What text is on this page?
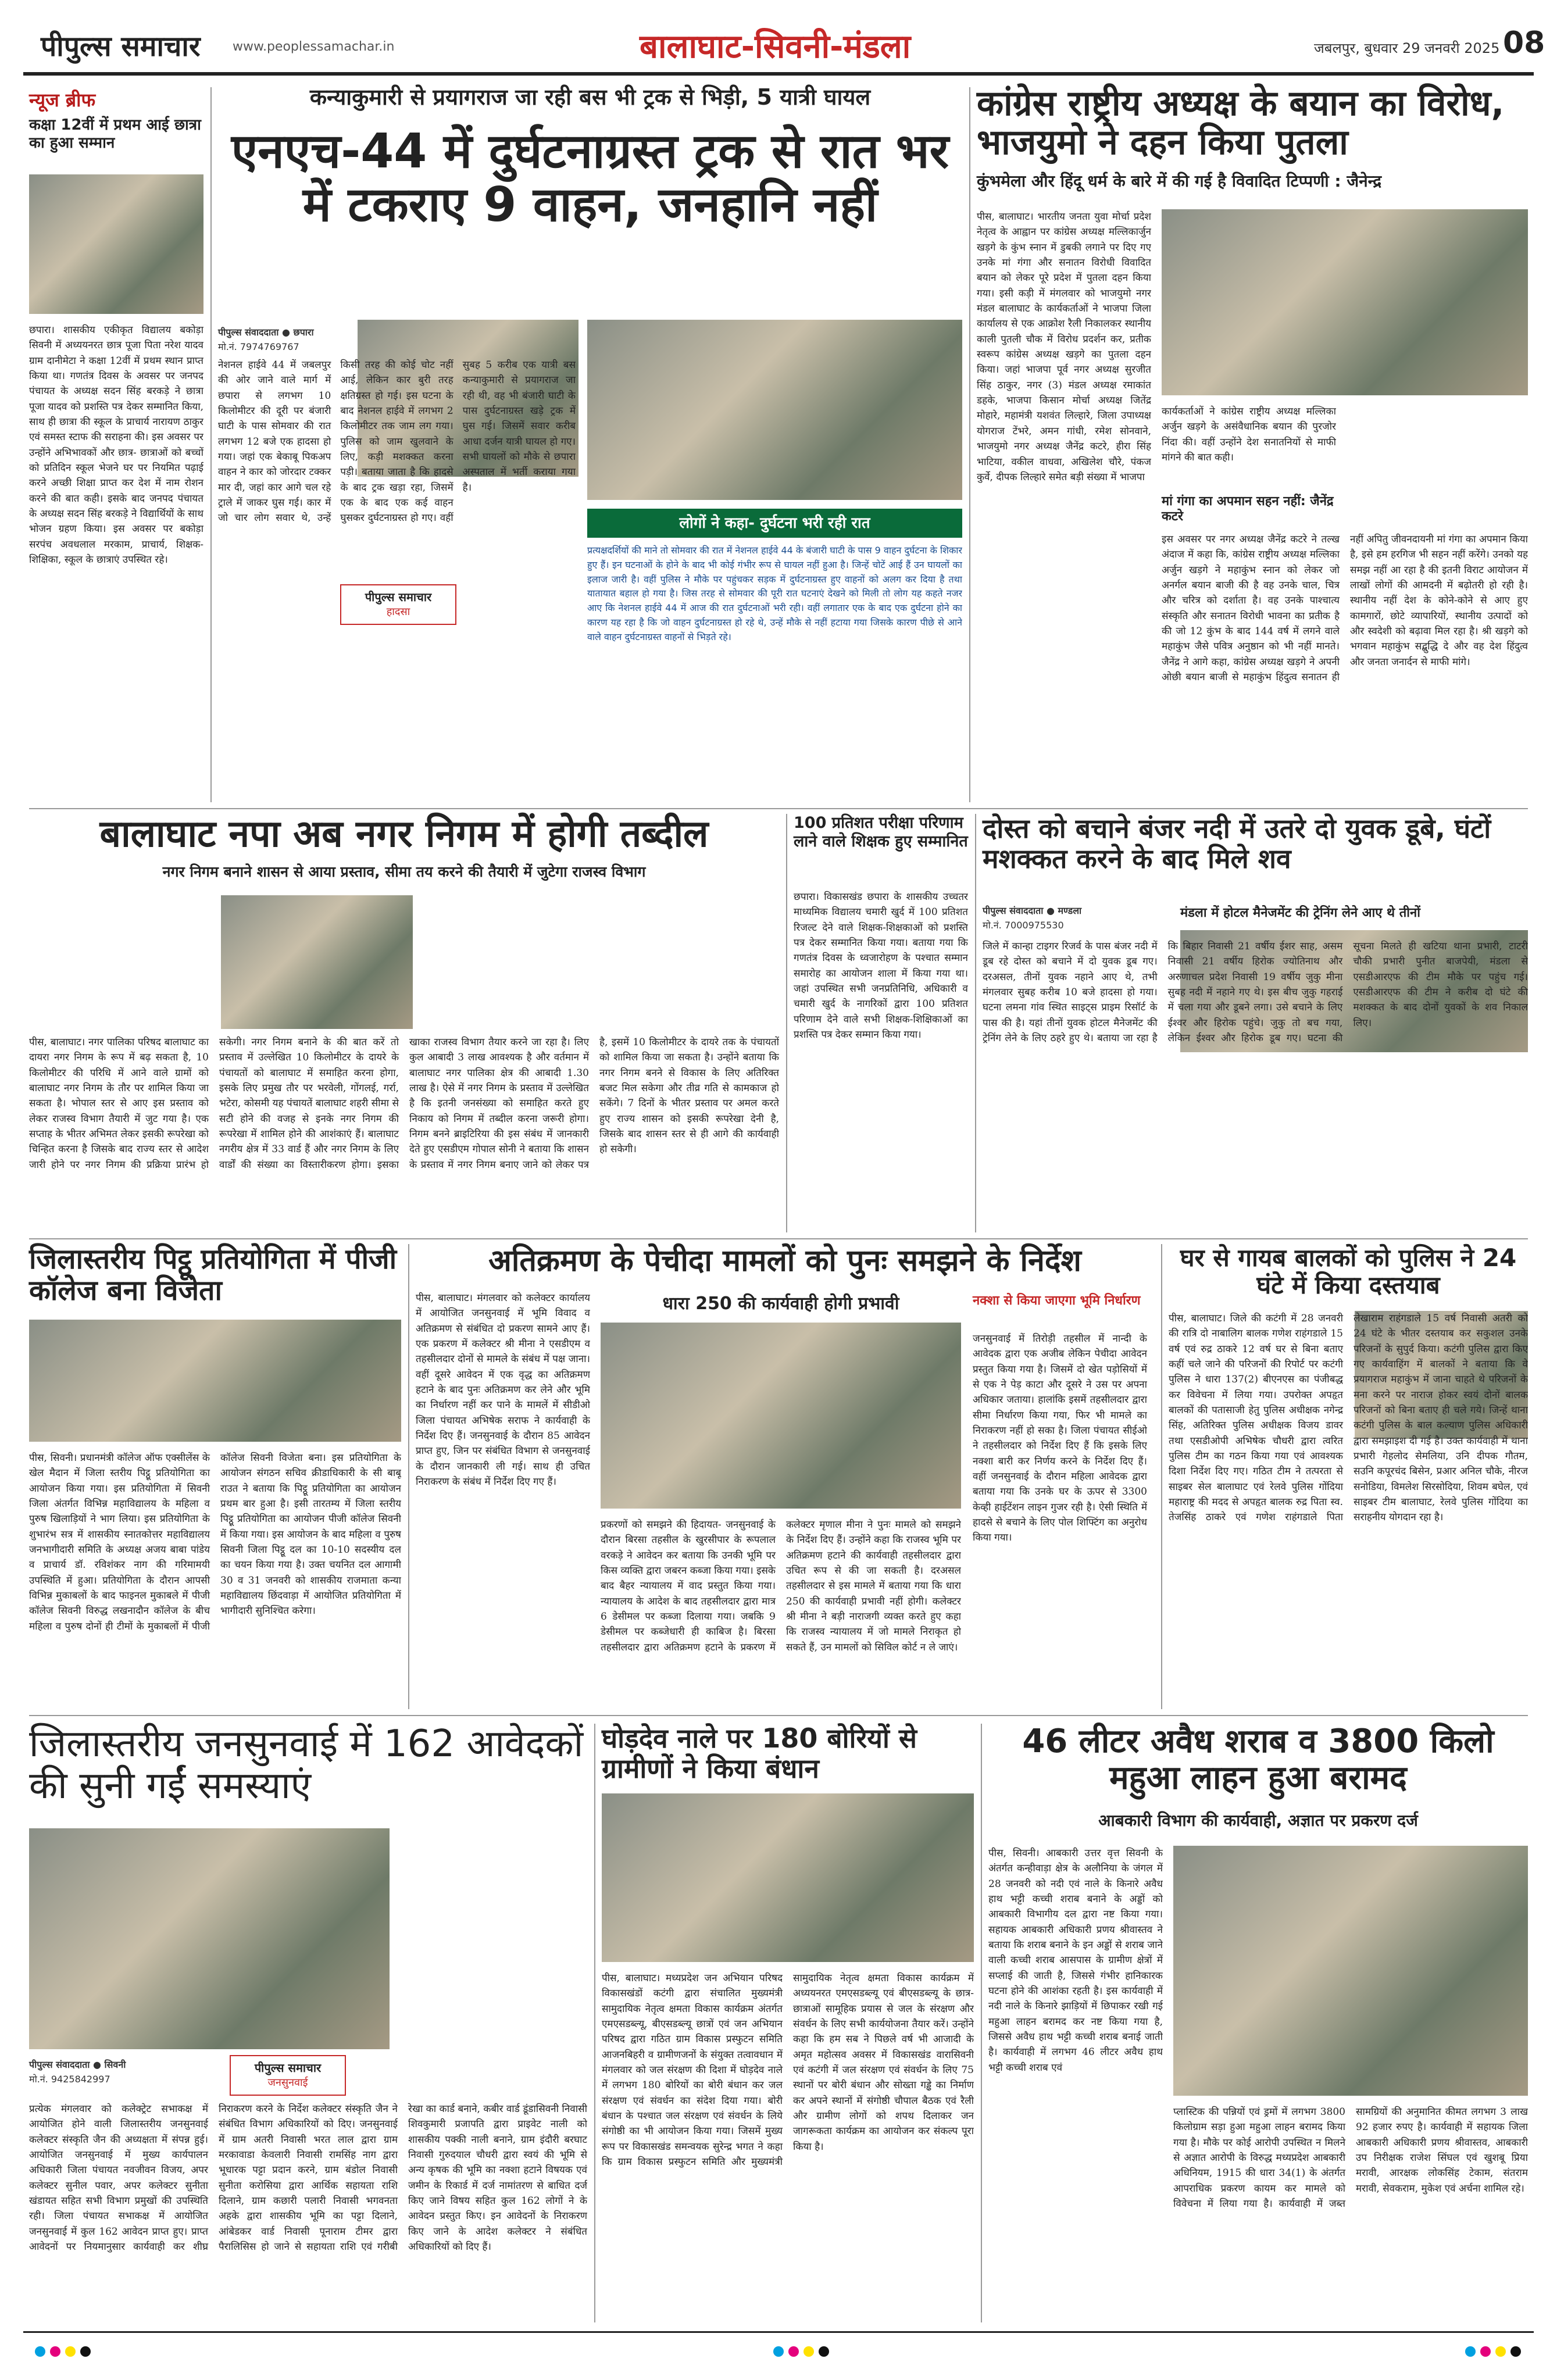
पीपुल्स समाचार	www.peoplessamachar.in	बालाघाट-सिवनी-मंडला	जबलपुर, बुधवार 29 जनवरी 2025 08
न्यूज ब्रीफ
कक्षा 12वीं में प्रथम आई छात्रा का हुआ सम्मान
छपारा। शासकीय एकीकृत विद्यालय बकोड़ा सिवनी में अध्ययनरत छात्र पूजा पिता नरेश यादव ग्राम दानीमेटा ने कक्षा 12वीं में प्रथम स्थान प्राप्त किया था। गणतंत्र दिवस के अवसर पर जनपद पंचायत के अध्यक्ष सदन सिंह बरकड़े ने छात्रा पूजा यादव को प्रशस्ति पत्र देकर सम्मानित किया, साथ ही छात्रा की स्कूल के प्राचार्य नारायण ठाकुर एवं समस्त स्टाफ की सराहना की। इस अवसर पर उन्होंने अभिभावकों और छात्र- छात्राओं को बच्चों को प्रतिदिन स्कूल भेजने घर पर नियमित पढ़ाई करने अच्छी शिक्षा प्राप्त कर देश में नाम रोशन करने की बात कही। इसके बाद जनपद पंचायत के अध्यक्ष सदन सिंह बरकड़े ने विद्यार्थियों के साथ भोजन ग्रहण किया। इस अवसर पर बकोड़ा सरपंच अवधलाल मरकाम, प्राचार्य, शिक्षक-शिक्षिका, स्कूल के छात्राएं उपस्थित रहे।
कन्याकुमारी से प्रयागराज जा रही बस भी ट्रक से भिड़ी, 5 यात्री घायल
एनएच-44 में दुर्घटनाग्रस्त ट्रक से रात भर में टकराए 9 वाहन, जनहानि नहीं
पीपुल्स संवाददाता ● छपारा
मो.नं. 7974769767
नेशनल हाईवे 44 में जबलपुर की ओर जाने वाले मार्ग में छपारा से लगभग 10 किलोमीटर की दूरी पर बंजारी घाटी के पास सोमवार की रात लगभग 12 बजे एक हादसा हो गया। जहां एक बेकाबू पिकअप वाहन ने कार को जोरदार टक्कर मार दी, जहां कार आगे चल रहे ट्राले में जाकर घुस गई। कार में जो चार लोग सवार थे, उन्हें किसी तरह की कोई चोट नहीं आई, लेकिन कार बुरी तरह क्षतिग्रस्त हो गई। इस घटना के बाद नेशनल हाईवे में लगभग 2 किलोमीटर तक जाम लग गया। पुलिस को जाम खुलवाने के लिए, कड़ी मशक्कत करना पड़ी। बताया जाता है कि हादसे के बाद ट्रक खड़ा रहा, जिसमें एक के बाद एक कई वाहन घुसकर दुर्घटनाग्रस्त हो गए। वहीं सुबह 5 करीब एक यात्री बस कन्याकुमारी से प्रयागराज जा रही थी, वह भी बंजारी घाटी के पास दुर्घटनाग्रस्त खड़े ट्रक में घुस गई। जिसमें सवार करीब आधा दर्जन यात्री घायल हो गए। सभी घायलों को मौके से छपारा अस्पताल में भर्ती कराया गया है।
पीपुल्स समाचार
हादसा
लोगों ने कहा- दुर्घटना भरी रही रात
प्रत्यक्षदर्शियों की माने तो सोमवार की रात में नेशनल हाईवे 44 के बंजारी घाटी के पास 9 वाहन दुर्घटना के शिकार हुए हैं। इन घटनाओं के होने के बाद भी कोई गंभीर रूप से घायल नहीं हुआ है। जिन्हें चोटें आई हैं उन घायलों का इलाज जारी है। वहीं पुलिस ने मौके पर पहुंचकर सड़क में दुर्घटनाग्रस्त हुए वाहनों को अलग कर दिया है तथा यातायात बहाल हो गया है। जिस तरह से सोमवार की पूरी रात घटनाएं देखने को मिली तो लोग यह कहते नजर आए कि नेशनल हाईवे 44 में आज की रात दुर्घटनाओं भरी रही। वहीं लगातार एक के बाद एक दुर्घटना होने का कारण यह रहा है कि जो वाहन दुर्घटनाग्रस्त हो रहे थे, उन्हें मौके से नहीं हटाया गया जिसके कारण पीछे से आने वाले वाहन दुर्घटनाग्रस्त वाहनों से भिड़ते रहे।
कांग्रेस राष्ट्रीय अध्यक्ष के बयान का विरोध, भाजयुमो ने दहन किया पुतला
कुंभमेला और हिंदू धर्म के बारे में की गई है विवादित टिप्पणी : जैनेन्द्र
पीस, बालाघाट। भारतीय जनता युवा मोर्चा प्रदेश नेतृत्व के आह्वान पर कांग्रेस अध्यक्ष मल्लिकार्जुन खड़गे के कुंभ स्नान में डुबकी लगाने पर दिए गए उनके मां गंगा और सनातन विरोधी विवादित बयान को लेकर पूरे प्रदेश में पुतला दहन किया गया। इसी कड़ी में मंगलवार को भाजयुमो नगर मंडल बालाघाट के कार्यकर्ताओं ने भाजपा जिला कार्यालय से एक आक्रोश रैली निकालकर स्थानीय काली पुतली चौक में विरोध प्रदर्शन कर, प्रतीक स्वरूप कांग्रेस अध्यक्ष खड़गे का पुतला दहन किया। जहां भाजपा पूर्व नगर अध्यक्ष सुरजीत सिंह ठाकुर, नगर (3) मंडल अध्यक्ष रमाकांत डहके, भाजपा किसान मोर्चा अध्यक्ष जितेंद्र मोहारे, महामंत्री यशवंत लिल्हारे, जिला उपाध्यक्ष योगराज टेंभरे, अमन गांधी, रमेश सोनवाने, भाजयुमो नगर अध्यक्ष जैनेंद्र कटरे, हीरा सिंह भाटिया, वकील वाधवा, अखिलेश चौरे, पंकज कुर्वे, दीपक लिल्हारे समेत बड़ी संख्या में भाजपा
कार्यकर्ताओं ने कांग्रेस राष्ट्रीय अध्यक्ष मल्लिका अर्जुन खड़गे के असंवैधानिक बयान की पुरजोर निंदा की। वहीं उन्होंने देश सनातनियों से माफी मांगने की बात कही।
मां गंगा का अपमान सहन नहीं: जैनेंद्र कटरे
इस अवसर पर नगर अध्यक्ष जैनेंद्र कटरे ने तल्ख अंदाज में कहा कि, कांग्रेस राष्ट्रीय अध्यक्ष मल्लिका अर्जुन खड़गे ने महाकुंभ स्नान को लेकर जो अनर्गल बयान बाजी की है वह उनके चाल, चित्र और चरित्र को दर्शाता है। वह उनके पाश्चात्य संस्कृति और सनातन विरोधी भावना का प्रतीक है की जो 12 कुंभ के बाद 144 वर्ष में लगने वाले महाकुंभ जैसे पवित्र अनुष्ठान को भी नहीं मानते। जैनेंद्र ने आगे कहा, कांग्रेस अध्यक्ष खड़गे ने अपनी ओछी बयान बाजी से महाकुंभ हिंदुत्व सनातन ही नहीं अपितु जीवनदायनी मां गंगा का अपमान किया है, इसे हम हरगिज भी सहन नहीं करेंगे। उनको यह समझ नहीं आ रहा है की इतनी विराट आयोजन में लाखों लोगों की आमदनी में बढ़ोतरी हो रही है। स्थानीय नहीं देश के कोने-कोने से आए हुए कामगारों, छोटे व्यापारियों, स्थानीय उत्पादों को और स्वदेशी को बढ़ावा मिल रहा है। श्री खड़गे को भगवान महाकुंभ सद्बुद्धि दे और वह देश हिंदुत्व और जनता जनार्दन से माफी मांगे।
बालाघाट नपा अब नगर निगम में होगी तब्दील
नगर निगम बनाने शासन से आया प्रस्ताव, सीमा तय करने की तैयारी में जुटेगा राजस्व विभाग
पीस, बालाघाट। नगर पालिका परिषद बालाघाट का दायरा नगर निगम के रूप में बढ़ सकता है, 10 किलोमीटर की परिधि में आने वाले ग्रामों को बालाघाट नगर निगम के तौर पर शामिल किया जा सकता है। भोपाल स्तर से आए इस प्रस्ताव को लेकर राजस्व विभाग तैयारी में जुट गया है। एक सप्ताह के भीतर अभिमत लेकर इसकी रूपरेखा को चिन्हित करना है जिसके बाद राज्य स्तर से आदेश जारी होने पर नगर निगम की प्रक्रिया प्रारंभ हो सकेगी। नगर निगम बनाने के की बात करें तो प्रस्ताव में उल्लेखित 10 किलोमीटर के दायरे के पंचायतों को बालाघाट में समाहित करना होगा, इसके लिए प्रमुख तौर पर भरवेली, गोंगलई, गर्रा, भटेरा, कोसमी यह पंचायतें बालाघाट शहरी सीमा से सटी होने की वजह से इनके नगर निगम की रूपरेखा में शामिल होने की आशंकाएं हैं। बालाघाट नगरीय क्षेत्र में 33 वार्ड हैं और नगर निगम के लिए वार्डों की संख्या का विस्तारीकरण होगा। इसका खाका राजस्व विभाग तैयार करने जा रहा है। लिए कुल आबादी 3 लाख आवश्यक है और वर्तमान में बालाघाट नगर पालिका क्षेत्र की आबादी 1.30 लाख है। ऐसे में नगर निगम के प्रस्ताव में उल्लेखित है कि इतनी जनसंख्या को समाहित करते हुए निकाय को निगम में तब्दील करना जरूरी होगा। निगम बनने ब्राइटिरिया की इस संबंध में जानकारी देते हुए एसडीएम गोपाल सोनी ने बताया कि शासन के प्रस्ताव में नगर निगम बनाए जाने को लेकर पत्र है, इसमें 10 किलोमीटर के दायरे तक के पंचायतों को शामिल किया जा सकता है। उन्होंने बताया कि नगर निगम बनने से विकास के लिए अतिरिक्त बजट मिल सकेगा और तीव्र गति से कामकाज हो सकेंगे। 7 दिनों के भीतर प्रस्ताव पर अमल करते हुए राज्य शासन को इसकी रूपरेखा देनी है, जिसके बाद शासन स्तर से ही आगे की कार्यवाही हो सकेगी।
100 प्रतिशत परीक्षा परिणाम लाने वाले शिक्षक हुए सम्मानित
छपारा। विकासखंड छपारा के शासकीय उच्चतर माध्यमिक विद्यालय चमारी खुर्द में 100 प्रतिशत रिजल्ट देने वाले शिक्षक-शिक्षकाओं को प्रशस्ति पत्र देकर सम्मानित किया गया। बताया गया कि गणतंत्र दिवस के ध्वजारोहण के पश्चात सम्मान समारोह का आयोजन शाला में किया गया था। जहां उपस्थित सभी जनप्रतिनिधि, अधिकारी व चमारी खुर्द के नागरिकों द्वारा 100 प्रतिशत परिणाम देने वाले सभी शिक्षक-शिक्षिकाओं का प्रशस्ति पत्र देकर सम्मान किया गया।
दोस्त को बचाने बंजर नदी में उतरे दो युवक डूबे, घंटों मशक्कत करने के बाद मिले शव
पीपुल्स संवाददाता ● मण्डला
मो.नं. 7000975530
मंडला में होटल मैनेजमेंट की ट्रेनिंग लेने आए थे तीनों
जिले में कान्हा टाइगर रिजर्व के पास बंजर नदी में डूब रहे दोस्त को बचाने में दो युवक डूब गए। दरअसल, तीनों युवक नहाने आए थे, तभी मंगलवार सुबह करीब 10 बजे हादसा हो गया। घटना लमना गांव स्थित साइट्स प्राइम रिसॉर्ट के पास की है। यहां तीनों युवक होटल मैनेजमेंट की ट्रेनिंग लेने के लिए ठहरे हुए थे। बताया जा रहा है कि बिहार निवासी 21 वर्षीय ईशर साह, असम निवासी 21 वर्षीय हिरोक ज्योतिनाथ और अरुणाचल प्रदेश निवासी 19 वर्षीय जुकु मीना सुबह नदी में नहाने गए थे। इस बीच जुकु गहराई में चला गया और डूबने लगा। उसे बचाने के लिए ईश्वर और हिरोक पहुंचे। जुकु तो बच गया, लेकिन ईश्वर और हिरोक डूब गए। घटना की सूचना मिलते ही खटिया थाना प्रभारी, टाटरी चौकी प्रभारी पुनीत बाजपेयी, मंडला से एसडीआरएफ की टीम मौके पर पहुंच गई। एसडीआरएफ की टीम ने करीब दो घंटे की मशक्कत के बाद दोनों युवकों के शव निकाल लिए।
जिलास्तरीय पिट्ठू प्रतियोगिता में पीजी कॉलेज बना विजेता
पीस, सिवनी। प्रधानमंत्री कॉलेज ऑफ एक्सीलेंस के खेल मैदान में जिला स्तरीय पिट्ठू प्रतियोगिता का आयोजन किया गया। इस प्रतियोगिता में सिवनी जिला अंतर्गत विभिन्न महाविद्यालय के महिला व पुरुष खिलाड़ियों ने भाग लिया। इस प्रतियोगिता के शुभारंभ सत्र में शासकीय स्नातकोत्तर महाविद्यालय जनभागीदारी समिति के अध्यक्ष अजय बाबा पांडेय व प्राचार्य डॉ. रविशंकर नाग की गरिमामयी उपस्थिति में हुआ। प्रतियोगिता के दौरान आपसी विभिन्न मुकाबलों के बाद फाइनल मुकाबले में पीजी कॉलेज सिवनी विरुद्ध लखनादौन कॉलेज के बीच महिला व पुरुष दोनों ही टीमों के मुकाबलों में पीजी कॉलेज सिवनी विजेता बना। इस प्रतियोगिता के आयोजन संगठन सचिव क्रीडाधिकारी के सी बाबू राउत ने बताया कि पिट्ठू प्रतियोगिता का आयोजन प्रथम बार हुआ है। इसी तारतम्य में जिला स्तरीय पिट्ठू प्रतियोगिता का आयोजन पीजी कॉलेज सिवनी में किया गया। इस आयोजन के बाद महिला व पुरुष सिवनी जिला पिट्ठू दल का 10-10 सदस्यीय दल का चयन किया गया है। उक्त चयनित दल आगामी 30 व 31 जनवरी को शासकीय राजमाता कन्या महाविद्यालय छिंदवाड़ा में आयोजित प्रतियोगिता में भागीदारी सुनिश्चित करेगा।
अतिक्रमण के पेचीदा मामलों को पुनः समझने के निर्देश
पीस, बालाघाट। मंगलवार को कलेक्टर कार्यालय में आयोजित जनसुनवाई में भूमि विवाद व अतिक्रमण से संबंधित दो प्रकरण सामने आए हैं। एक प्रकरण में कलेक्टर श्री मीना ने एसडीएम व तहसीलदार दोनों से मामले के संबंध में पक्ष जाना। वहीं दूसरे आवेदन में एक वृद्ध का अतिक्रमण हटाने के बाद पुनः अतिक्रमण कर लेने और भूमि का निर्धारण नहीं कर पाने के मामलें में सीडीओ जिला पंचायत अभिषेक सराफ ने कार्यवाही के निर्देश दिए हैं। जनसुनवाई के दौरान 85 आवेदन प्राप्त हुए, जिन पर संबंधित विभाग से जनसुनवाई के दौरान जानकारी ली गई। साथ ही उचित निराकरण के संबंध में निर्देश दिए गए हैं।
धारा 250 की कार्यवाही होगी प्रभावी
प्रकरणों को समझने की हिदायत- जनसुनवाई के दौरान बिरसा तहसील के खुरसीपार के रूपलाल वरकड़े ने आवेदन कर बताया कि उनकी भूमि पर किस व्यक्ति द्वारा जबरन कब्जा किया गया। इसके बाद बैहर न्यायालय में वाद प्रस्तुत किया गया। न्यायालय के आदेश के बाद तहसीलदार द्वारा मात्र 6 डेसीमल पर कब्जा दिलाया गया। जबकि 9 डेसीमल पर कब्जेधारी ही काबिज है। बिरसा तहसीलदार द्वारा अतिक्रमण हटाने के प्रकरण में कलेक्टर मृणाल मीना ने पुनः मामले को समझने के निर्देश दिए हैं। उन्होंने कहा कि राजस्व भूमि पर अतिक्रमण हटाने की कार्यवाही तहसीलदार द्वारा उचित रूप से की जा सकती है। दरअसल तहसीलदार से इस मामले में बताया गया कि धारा 250 की कार्यवाही प्रभावी नहीं होगी। कलेक्टर श्री मीना ने बड़ी नाराजगी व्यक्त करते हुए कहा कि राजस्व न्यायालय में जो मामले निराकृत हो सकते हैं, उन मामलों को सिविल कोर्ट न ले जाएं।
नक्शा से किया जाएगा भूमि निर्धारण
जनसुनवाई में तिरोड़ी तहसील में नान्दी के आवेदक द्वारा एक अजीब लेकिन पेचीदा आवेदन प्रस्तुत किया गया है। जिसमें दो खेत पड़ोसियों में से एक ने पेड़ काटा और दूसरे ने उस पर अपना अधिकार जताया। हालांकि इसमें तहसीलदार द्वारा सीमा निर्धारण किया गया, फिर भी मामले का निराकरण नहीं हो सका है। जिला पंचायत सीईओ ने तहसीलदार को निर्देश दिए हैं कि इसके लिए नक्शा बारी कर निर्णय करने के निर्देश दिए हैं। वहीं जनसुनवाई के दौरान महिला आवेदक द्वारा बताया गया कि उनके घर के ऊपर से 3300 केव्ही हाईटेंशन लाइन गुजर रही है। ऐसी स्थिति में हादसे से बचाने के लिए पोल शिफ्टिंग का अनुरोध किया गया।
घर से गायब बालकों को पुलिस ने 24 घंटे में किया दस्तयाब
पीस, बालाघाट। जिले की कटंगी में 28 जनवरी की रात्रि दो नाबालिग बालक गणेश राहंगडाले 15 वर्ष एवं रुद्र ठाकरे 12 वर्ष घर से बिना बताए कहीं चले जाने की परिजनों की रिपोर्ट पर कटंगी पुलिस ने धारा 137(2) बीएनएस का पंजीबद्ध कर विवेचना में लिया गया। उपरोक्त अपहृत बालकों की पतासाजी हेतु पुलिस अधीक्षक नगेन्द्र सिंह, अतिरिक्त पुलिस अधीक्षक विजय डावर तथा एसडीओपी अभिषेक चौधरी द्वारा त्वरित पुलिस टीम का गठन किया गया एवं आवश्यक दिशा निर्देश दिए गए। गठित टीम ने तत्परता से साइबर सेल बालाघाट एवं रेलवे पुलिस गोंदिया महाराष्ट्र की मदद से अपहृत बालक रुद्र पिता स्व. तेजसिंह ठाकरे एवं गणेश राहंगडाले पिता लेखाराम राहंगडाले 15 वर्ष निवासी अतरी को 24 घंटे के भीतर दस्तयाब कर सकुशल उनके परिजनों के सुपुर्द किया। कटंगी पुलिस द्वारा किए गए कार्यवाहिंग में बालकों ने बताया कि वे प्रयागराज महाकुंभ में जाना चाहते थे परिजनों के मना करने पर नाराज होकर स्वयं दोनों बालक परिजनों को बिना बताए ही चले गये। जिन्हें थाना कटंगी पुलिस के बाल कल्याण पुलिस अधिकारी द्वारा समझाइश दी गई है। उक्त कार्यवाही में थाना प्रभारी गेहलोद सेमलिया, उनि दीपक गौतम, सउनि कपूरचंद बिसेन, प्रआर अनिल चौके, नीरज सनोडिया, विमलेश सिरसोदिया, शिवम बघेल, एवं साइबर टीम बालाघाट, रेलवे पुलिस गोंदिया का सराहनीय योगदान रहा है।
जिलास्तरीय जनसुनवाई में 162 आवेदकों की सुनी गईं समस्याएं
पीपुल्स संवाददाता ● सिवनी
मो.नं. 9425842997
पीपुल्स समाचार
जनसुनवाई
प्रत्येक मंगलवार को कलेक्ट्रेट सभाकक्ष में आयोजित होने वाली जिलास्तरीय जनसुनवाई कलेक्टर संस्कृति जैन की अध्यक्षता में संपन्न हुई। आयोजित जनसुनवाई में मुख्य कार्यपालन अधिकारी जिला पंचायत नवजीवन विजय, अपर कलेक्टर सुनील पवार, अपर कलेक्टर सुनीता खंडायत सहित सभी विभाग प्रमुखों की उपस्थिति रही। जिला पंचायत सभाकक्ष में आयोजित जनसुनवाई में कुल 162 आवेदन प्राप्त हुए। प्राप्त आवेदनों पर नियमानुसार कार्यवाही कर शीघ्र निराकरण करने के निर्देश कलेक्टर संस्कृति जैन ने संबंधित विभाग अधिकारियों को दिए। जनसुनवाई में ग्राम अतरी निवासी भरत लाल द्वारा ग्राम मरकावाडा केवलारी निवासी रामसिंह नाग द्वारा भूधारक पट्टा प्रदान करने, ग्राम बंडोल निवासी सुनीता करोसिया द्वारा आर्थिक सहायता राशि दिलाने, ग्राम कछारी पलारी निवासी भगवनता अहके द्वारा शासकीय भूमि का पट्टा दिलाने, आंबेडकर वार्ड निवासी पूनाराम टीमर द्वारा पैरालिसिस हो जाने से सहायता राशि एवं गरीबी रेखा का कार्ड बनाने, कबीर वार्ड डूंडासिवनी निवासी शिवकुमारी प्रजापति द्वारा प्राइवेट नाली को शासकीय पक्की नाली बनाने, ग्राम इंदौरी बरघाट निवासी गुरुदयाल चौधरी द्वारा स्वयं की भूमि से अन्य कृषक की भूमि का नक्शा हटाने विषयक एवं जमीन के रिकार्ड में दर्ज नामांतरण से बाधित दर्ज किए जाने विषय सहित कुल 162 लोगों ने के आवेदन प्रस्तुत किए। इन आवेदनों के निराकरण किए जाने के आदेश कलेक्टर ने संबंधित अधिकारियों को दिए हैं।
घोड़देव नाले पर 180 बोरियों से ग्रामीणों ने किया बंधान
पीस, बालाघाट। मध्यप्रदेश जन अभियान परिषद विकासखंडों कटंगी द्वारा संचालित मुख्यमंत्री सामुदायिक नेतृत्व क्षमता विकास कार्यक्रम अंतर्गत एमएसडब्ल्यू, बीएसडब्ल्यू छात्रों एवं जन अभियान परिषद द्वारा गठित ग्राम विकास प्रस्फुटन समिति आजनबिहरी व ग्रामीणजनों के संयुक्त तत्वावधान में मंगलवार को जल संरक्षण की दिशा में घोड़देव नाले में लगभग 180 बोरियों का बोरी बंधान कर जल संरक्षण एवं संवर्धन का संदेश दिया गया। बोरी बंधान के पश्चात जल संरक्षण एवं संवर्धन के लिये संगोष्ठी का भी आयोजन किया गया। जिसमें मुख्य रूप पर विकासखंड समन्वयक सुरेन्द्र भगत ने कहा कि ग्राम विकास प्रस्फुटन समिति और मुख्यमंत्री सामुदायिक नेतृत्व क्षमता विकास कार्यक्रम में अध्ययनरत एमएसडब्ल्यू एवं बीएसडब्ल्यू के छात्र-छात्राओं सामूहिक प्रयास से जल के संरक्षण और संवर्धन के लिए सभी कार्ययोजना तैयार करें। उन्होंने कहा कि हम सब ने पिछले वर्ष भी आजादी के अमृत महोत्सव अवसर में विकासखंड वारासिवनी एवं कटंगी में जल संरक्षण एवं संवर्धन के लिए 75 स्थानों पर बोरी बंधान और सोख्ता गड्ढे का निर्माण कर अपने स्थानों में संगोष्ठी चौपाल बैठक एवं रैली और ग्रामीण लोगों को शपथ दिलाकर जन जागरूकता कार्यक्रम का आयोजन कर संकल्प पूरा किया है।
46 लीटर अवैध शराब व 3800 किलो महुआ लाहन हुआ बरामद
आबकारी विभाग की कार्यवाही, अज्ञात पर प्रकरण दर्ज
पीस, सिवनी। आबकारी उत्तर वृत्त सिवनी के अंतर्गत कन्हीवाड़ा क्षेत्र के अलौनिया के जंगल में 28 जनवरी को नदी एवं नाले के किनारे अवैध हाथ भट्टी कच्ची शराब बनाने के अड्डों को आबकारी विभागीय दल द्वारा नष्ट किया गया। सहायक आबकारी अधिकारी प्रणय श्रीवास्तव ने बताया कि शराब बनाने के इन अड्डों से शराब जाने वाली कच्ची शराब आसपास के ग्रामीण क्षेत्रों में सप्लाई की जाती है, जिससे गंभीर हानिकारक घटना होने की आशंका रहती है। इस कार्यवाही में नदी नाले के किनारे झाड़ियों में छिपाकर रखी गई महुआ लाहन बरामद कर नष्ट किया गया है, जिससे अवैध हाथ भट्टी कच्ची शराब बनाई जाती है। कार्यवाही में लगभग 46 लीटर अवैध हाथ भट्टी कच्ची शराब एवं
प्लास्टिक की पन्नियों एवं ड्रमों में लगभग 3800 किलोग्राम सड़ा हुआ महुआ लाहन बरामद किया गया है। मौके पर कोई आरोपी उपस्थित न मिलने से अज्ञात आरोपी के विरुद्ध मध्यप्रदेश आबकारी अधिनियम, 1915 की धारा 34(1) के अंतर्गत आपराधिक प्रकरण कायम कर मामले को विवेचना में लिया गया है। कार्यवाही में जब्त सामग्रियों की अनुमानित कीमत लगभग 3 लाख 92 हजार रुपए है। कार्यवाही में सहायक जिला आबकारी अधिकारी प्रणय श्रीवास्तव, आबकारी उप निरीक्षक राजेश सिंघल एवं खुशबू प्रिया मरावी, आरक्षक लोकसिंह टेकाम, संतराम मरावी, सेवकराम, मुकेश एवं अर्चना शामिल रहे।
